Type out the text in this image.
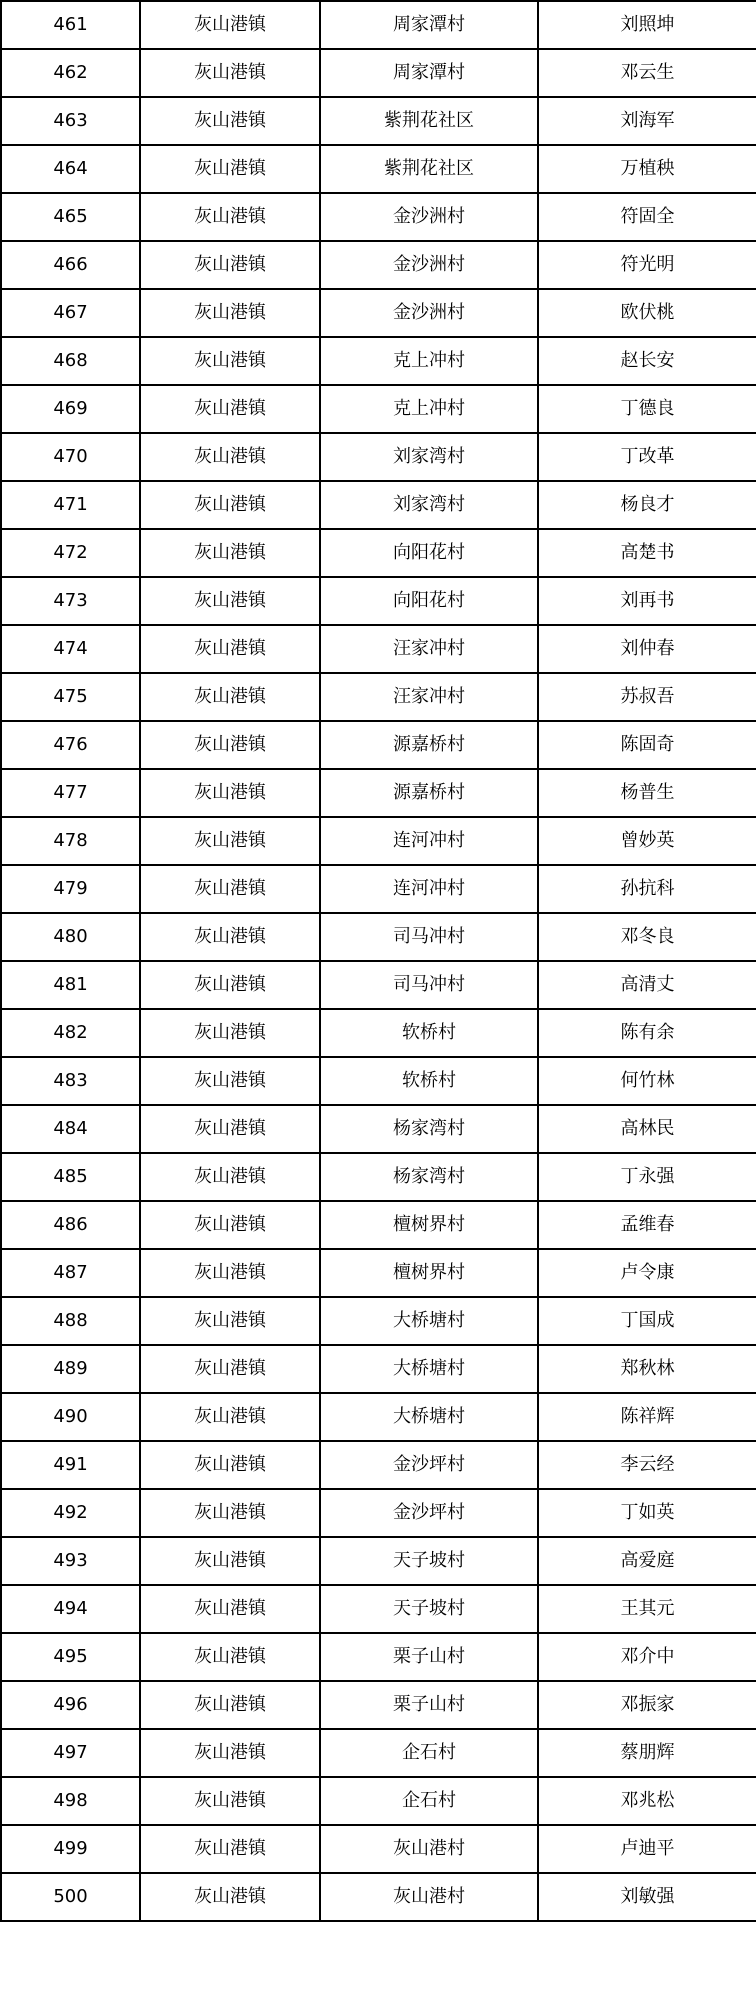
461	灰山港镇	周家潭村	刘照坤
462	灰山港镇	周家潭村	邓云生
463	灰山港镇	紫荆花社区	刘海军
464	灰山港镇	紫荆花社区	万植秧
465	灰山港镇	金沙洲村	符固全
466	灰山港镇	金沙洲村	符光明
467	灰山港镇	金沙洲村	欧伏桃
468	灰山港镇	克上冲村	赵长安
469	灰山港镇	克上冲村	丁德良
470	灰山港镇	刘家湾村	丁改革
471	灰山港镇	刘家湾村	杨良才
472	灰山港镇	向阳花村	高楚书
473	灰山港镇	向阳花村	刘再书
474	灰山港镇	汪家冲村	刘仲春
475	灰山港镇	汪家冲村	苏叔吾
476	灰山港镇	源嘉桥村	陈固奇
477	灰山港镇	源嘉桥村	杨普生
478	灰山港镇	连河冲村	曾妙英
479	灰山港镇	连河冲村	孙抗科
480	灰山港镇	司马冲村	邓冬良
481	灰山港镇	司马冲村	高清丈
482	灰山港镇	软桥村	陈有余
483	灰山港镇	软桥村	何竹林
484	灰山港镇	杨家湾村	高林民
485	灰山港镇	杨家湾村	丁永强
486	灰山港镇	檀树界村	孟维春
487	灰山港镇	檀树界村	卢令康
488	灰山港镇	大桥塘村	丁国成
489	灰山港镇	大桥塘村	郑秋林
490	灰山港镇	大桥塘村	陈祥辉
491	灰山港镇	金沙坪村	李云经
492	灰山港镇	金沙坪村	丁如英
493	灰山港镇	天子坡村	高爱庭
494	灰山港镇	天子坡村	王其元
495	灰山港镇	栗子山村	邓介中
496	灰山港镇	栗子山村	邓振家
497	灰山港镇	企石村	蔡朋辉
498	灰山港镇	企石村	邓兆松
499	灰山港镇	灰山港村	卢迪平
500	灰山港镇	灰山港村	刘敏强
